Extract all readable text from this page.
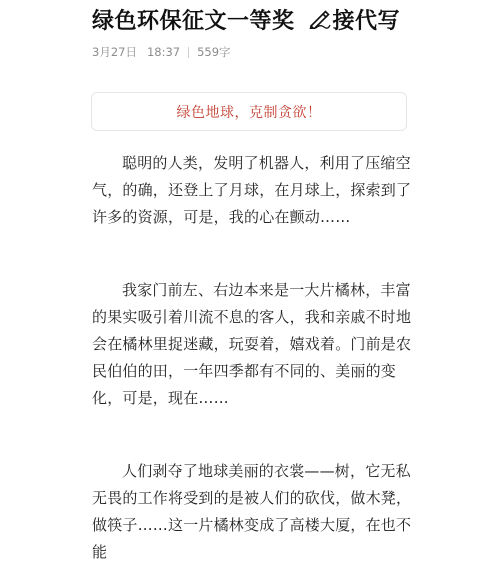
绿色环保征文一等奖 接代写
3月27日 18:37 559字
绿色地球，克制贪欲！

聪明的人类，发明了机器人，利用了压缩空气，的确，还登上了月球，在月球上，探索到了许多的资源，可是，我的心在颤动……

我家门前左、右边本来是一大片橘林，丰富的果实吸引着川流不息的客人，我和亲戚不时地会在橘林里捉迷藏，玩耍着，嬉戏着。门前是农民伯伯的田，一年四季都有不同的、美丽的变化，可是，现在……

人们剥夺了地球美丽的衣裳——树，它无私无畏的工作将受到的是被人们的砍伐，做木凳，做筷子……这一片橘林变成了高楼大厦，在也不能
